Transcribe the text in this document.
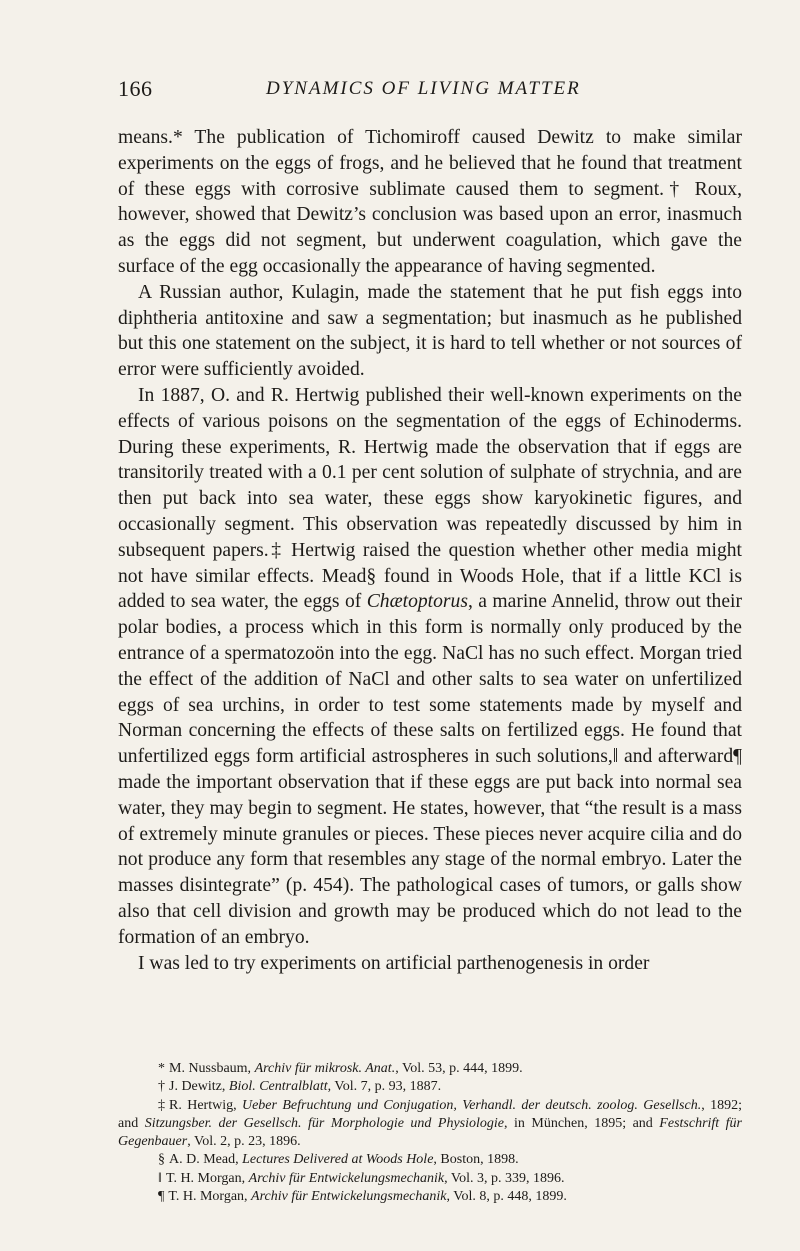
166	DYNAMICS OF LIVING MATTER

means.* The publication of Tichomiroff caused Dewitz to make similar experiments on the eggs of frogs, and he believed that he found that treatment of these eggs with corrosive sublimate caused them to segment.† Roux, however, showed that Dewitz’s conclusion was based upon an error, inasmuch as the eggs did not segment, but underwent coagulation, which gave the surface of the egg occasionally the appearance of having segmented.

A Russian author, Kulagin, made the statement that he put fish eggs into diphtheria antitoxine and saw a segmentation; but inasmuch as he published but this one statement on the subject, it is hard to tell whether or not sources of error were sufficiently avoided.

In 1887, O. and R. Hertwig published their well-known experiments on the effects of various poisons on the segmentation of the eggs of Echinoderms. During these experiments, R. Hertwig made the observation that if eggs are transitorily treated with a 0.1 per cent solution of sulphate of strychnia, and are then put back into sea water, these eggs show karyokinetic figures, and occasionally segment. This observation was repeatedly discussed by him in subsequent papers.‡ Hertwig raised the question whether other media might not have similar effects. Mead§ found in Woods Hole, that if a little KCl is added to sea water, the eggs of Chætoptorus, a marine Annelid, throw out their polar bodies, a process which in this form is normally only produced by the entrance of a spermatozoön into the egg. NaCl has no such effect. Morgan tried the effect of the addition of NaCl and other salts to sea water on unfertilized eggs of sea urchins, in order to test some statements made by myself and Norman concerning the effects of these salts on fertilized eggs. He found that unfertilized eggs form artificial astrospheres in such solutions,‖ and afterward¶ made the important observation that if these eggs are put back into normal sea water, they may begin to segment. He states, however, that “the result is a mass of extremely minute granules or pieces. These pieces never acquire cilia and do not produce any form that resembles any stage of the normal embryo. Later the masses disintegrate” (p. 454). The pathological cases of tumors, or galls show also that cell division and growth may be produced which do not lead to the formation of an embryo.

I was led to try experiments on artificial parthenogenesis in order

* M. Nussbaum, Archiv für mikrosk. Anat., Vol. 53, p. 444, 1899.

† J. Dewitz, Biol. Centralblatt, Vol. 7, p. 93, 1887.

‡ R. Hertwig, Ueber Befruchtung und Conjugation, Verhandl. der deutsch. zoolog. Gesellsch., 1892; and Sitzungsber. der Gesellsch. für Morphologie und Physiologie, in München, 1895; and Festschrift für Gegenbauer, Vol. 2, p. 23, 1896.

§ A. D. Mead, Lectures Delivered at Woods Hole, Boston, 1898.

‖ T. H. Morgan, Archiv für Entwickelungsmechanik, Vol. 3, p. 339, 1896.

¶ T. H. Morgan, Archiv für Entwickelungsmechanik, Vol. 8, p. 448, 1899.
